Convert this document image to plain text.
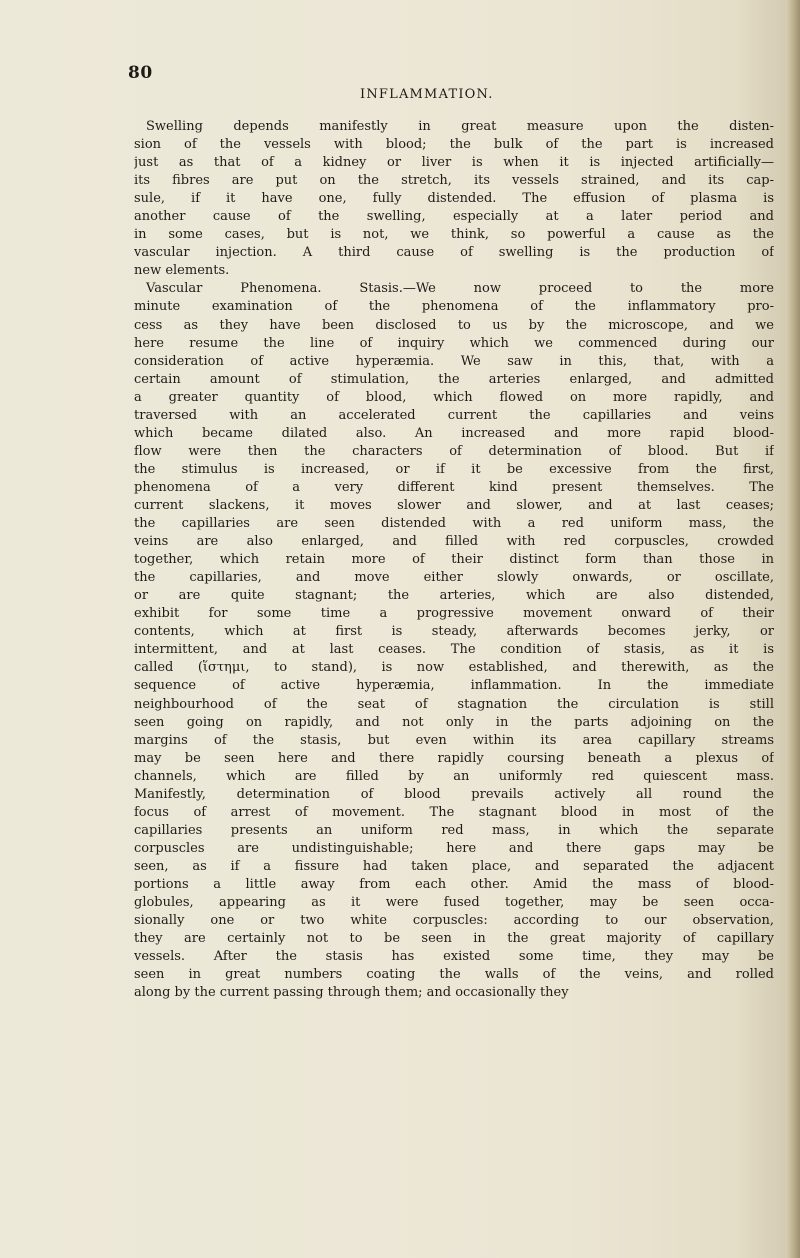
80
INFLAMMATION.
Swelling depends manifestly in great measure upon the disten-
sion of the vessels with blood; the bulk of the part is increased
just as that of a kidney or liver is when it is injected artificially—
its fibres are put on the stretch, its vessels strained, and its cap-
sule, if it have one, fully distended. The effusion of plasma is
another cause of the swelling, especially at a later period and
in some cases, but is not, we think, so powerful a cause as the
vascular injection. A third cause of swelling is the production of
new elements.
Vascular Phenomena. Stasis.—We now proceed to the more
minute examination of the phenomena of the inflammatory pro-
cess as they have been disclosed to us by the microscope, and we
here resume the line of inquiry which we commenced during our
consideration of active hyperæmia. We saw in this, that, with a
certain amount of stimulation, the arteries enlarged, and admitted
a greater quantity of blood, which flowed on more rapidly, and
traversed with an accelerated current the capillaries and veins
which became dilated also. An increased and more rapid blood-
flow were then the characters of determination of blood. But if
the stimulus is increased, or if it be excessive from the first,
phenomena of a very different kind present themselves. The
current slackens, it moves slower and slower, and at last ceases;
the capillaries are seen distended with a red uniform mass, the
veins are also enlarged, and filled with red corpuscles, crowded
together, which retain more of their distinct form than those in
the capillaries, and move either slowly onwards, or oscillate,
or are quite stagnant; the arteries, which are also distended,
exhibit for some time a progressive movement onward of their
contents, which at first is steady, afterwards becomes jerky, or
intermittent, and at last ceases. The condition of stasis, as it is
called (ἵστημι, to stand), is now established, and therewith, as the
sequence of active hyperæmia, inflammation. In the immediate
neighbourhood of the seat of stagnation the circulation is still
seen going on rapidly, and not only in the parts adjoining on the
margins of the stasis, but even within its area capillary streams
may be seen here and there rapidly coursing beneath a plexus of
channels, which are filled by an uniformly red quiescent mass.
Manifestly, determination of blood prevails actively all round the
focus of arrest of movement. The stagnant blood in most of the
capillaries presents an uniform red mass, in which the separate
corpuscles are undistinguishable; here and there gaps may be
seen, as if a fissure had taken place, and separated the adjacent
portions a little away from each other. Amid the mass of blood-
globules, appearing as it were fused together, may be seen occa-
sionally one or two white corpuscles: according to our observation,
they are certainly not to be seen in the great majority of capillary
vessels. After the stasis has existed some time, they may be
seen in great numbers coating the walls of the veins, and rolled
along by the current passing through them; and occasionally they
